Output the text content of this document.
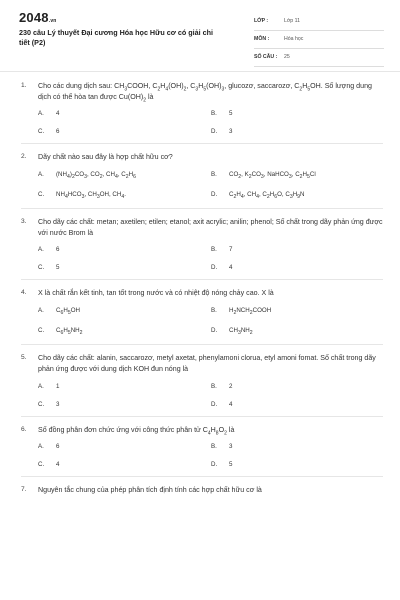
2048.vn
230 câu Lý thuyết Đại cương Hóa học Hữu cơ có giải chi tiết (P2)
LỚP :	Lớp 11
MÔN :	Hóa học
SỐ CÂU : 25
1. Cho các dung dịch sau: $CH_3COOH$, $C_2H_4(OH)_2$, $C_3H_5(OH)_3$, glucozơ, saccarozơ, $C_2H_5OH$. Số lượng dung dịch có thể hòa tan được $Cu(OH)_2$ là
A.	4	B.	5
C.	6	D.	3
2. Dãy chất nào sau đây là hợp chất hữu cơ?
A.	$(NH_4)_2CO_3$, $CO_2$, $CH_4$, $C_2H_6$	B.	$CO_2$, $K_2CO_3$, NaHCO$_3$, $C_2H_5Cl$
C.	$NH_4HCO_3$, $CH_3OH$, $CH_4$.	D.	$C_2H_4$, $CH_4$, $C_2H_6O$, $C_3H_9N$
3. Cho dãy các chất: metan; axetilen; etilen; etanol; axit acrylic; anilin; phenol; Số chất trong dãy phản ứng được với nước Brom là
A.	6	B.	7
C.	5	D.	4
4. X là chất rắn kết tinh, tan tốt trong nước và có nhiệt độ nóng chảy cao. X là
A.	$C_6H_5OH$	B.	$H_2NCH_2COOH$
C.	$C_6H_5NH_2$	D.	$CH_3NH_2$
5. Cho dãy các chất: alanin, saccarozơ, metyl axetat, phenylamoni clorua, etyl amoni fomat. Số chất trong dãy phản ứng được với dung dịch KOH đun nóng là
A.	1	B.	2
C.	3	D.	4
6. Số đồng phân đơn chức ứng với công thức phân tử $C_4H_8O_2$ là
A.	6	B.	3
C.	4	D.	5
7. Nguyên tắc chung của phép phân tích định tính các hợp chất hữu cơ là
